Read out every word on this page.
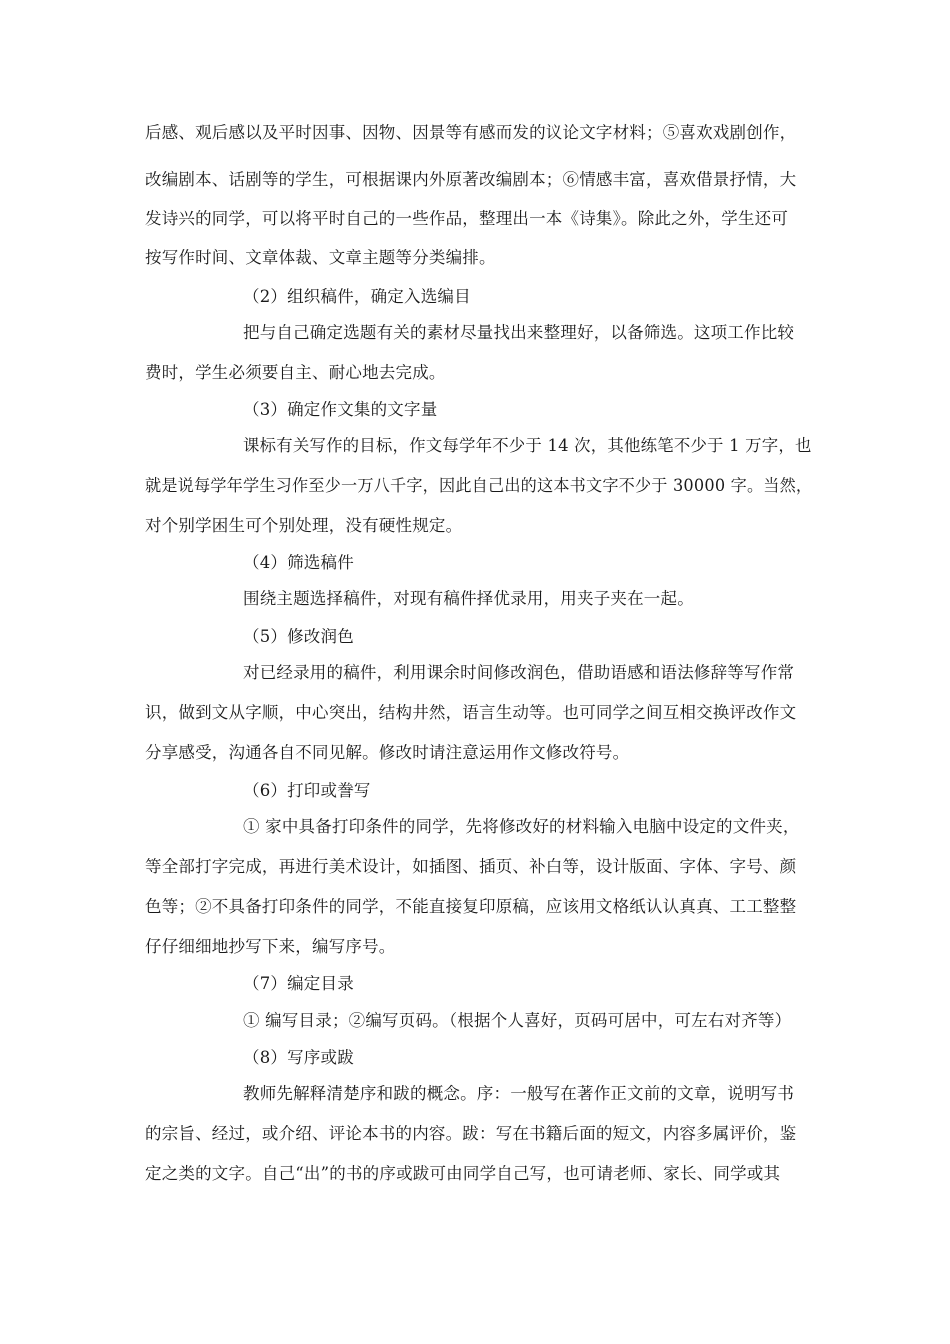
后感、观后感以及平时因事、因物、因景等有感而发的议论文字材料；⑤喜欢戏剧创作，
改编剧本、话剧等的学生，可根据课内外原著改编剧本；⑥情感丰富，喜欢借景抒情，大
发诗兴的同学，可以将平时自己的一些作品，整理出一本《诗集》。除此之外，学生还可
按写作时间、文章体裁、文章主题等分类编排。
（2）组织稿件，确定入选编目
把与自己确定选题有关的素材尽量找出来整理好，以备筛选。这项工作比较
费时，学生必须要自主、耐心地去完成。
（3）确定作文集的文字量
课标有关写作的目标，作文每学年不少于 14 次，其他练笔不少于 1 万字，也
就是说每学年学生习作至少一万八千字，因此自己出的这本书文字不少于 30000 字。当然，
对个别学困生可个别处理，没有硬性规定。
（4）筛选稿件
围绕主题选择稿件，对现有稿件择优录用，用夹子夹在一起。
（5）修改润色
对已经录用的稿件，利用课余时间修改润色，借助语感和语法修辞等写作常
识，做到文从字顺，中心突出，结构井然，语言生动等。也可同学之间互相交换评改作文
分享感受，沟通各自不同见解。修改时请注意运用作文修改符号。
（6）打印或誊写
① 家中具备打印条件的同学，先将修改好的材料输入电脑中设定的文件夹，
等全部打字完成，再进行美术设计，如插图、插页、补白等，设计版面、字体、字号、颜
色等；②不具备打印条件的同学，不能直接复印原稿，应该用文格纸认认真真、工工整整
仔仔细细地抄写下来，编写序号。
（7）编定目录
① 编写目录；②编写页码。（根据个人喜好，页码可居中，可左右对齐等）
（8）写序或跋
教师先解释清楚序和跋的概念。序：一般写在著作正文前的文章，说明写书
的宗旨、经过，或介绍、评论本书的内容。跋：写在书籍后面的短文，内容多属评价，鉴
定之类的文字。自己“出”的书的序或跋可由同学自己写，也可请老师、家长、同学或其
